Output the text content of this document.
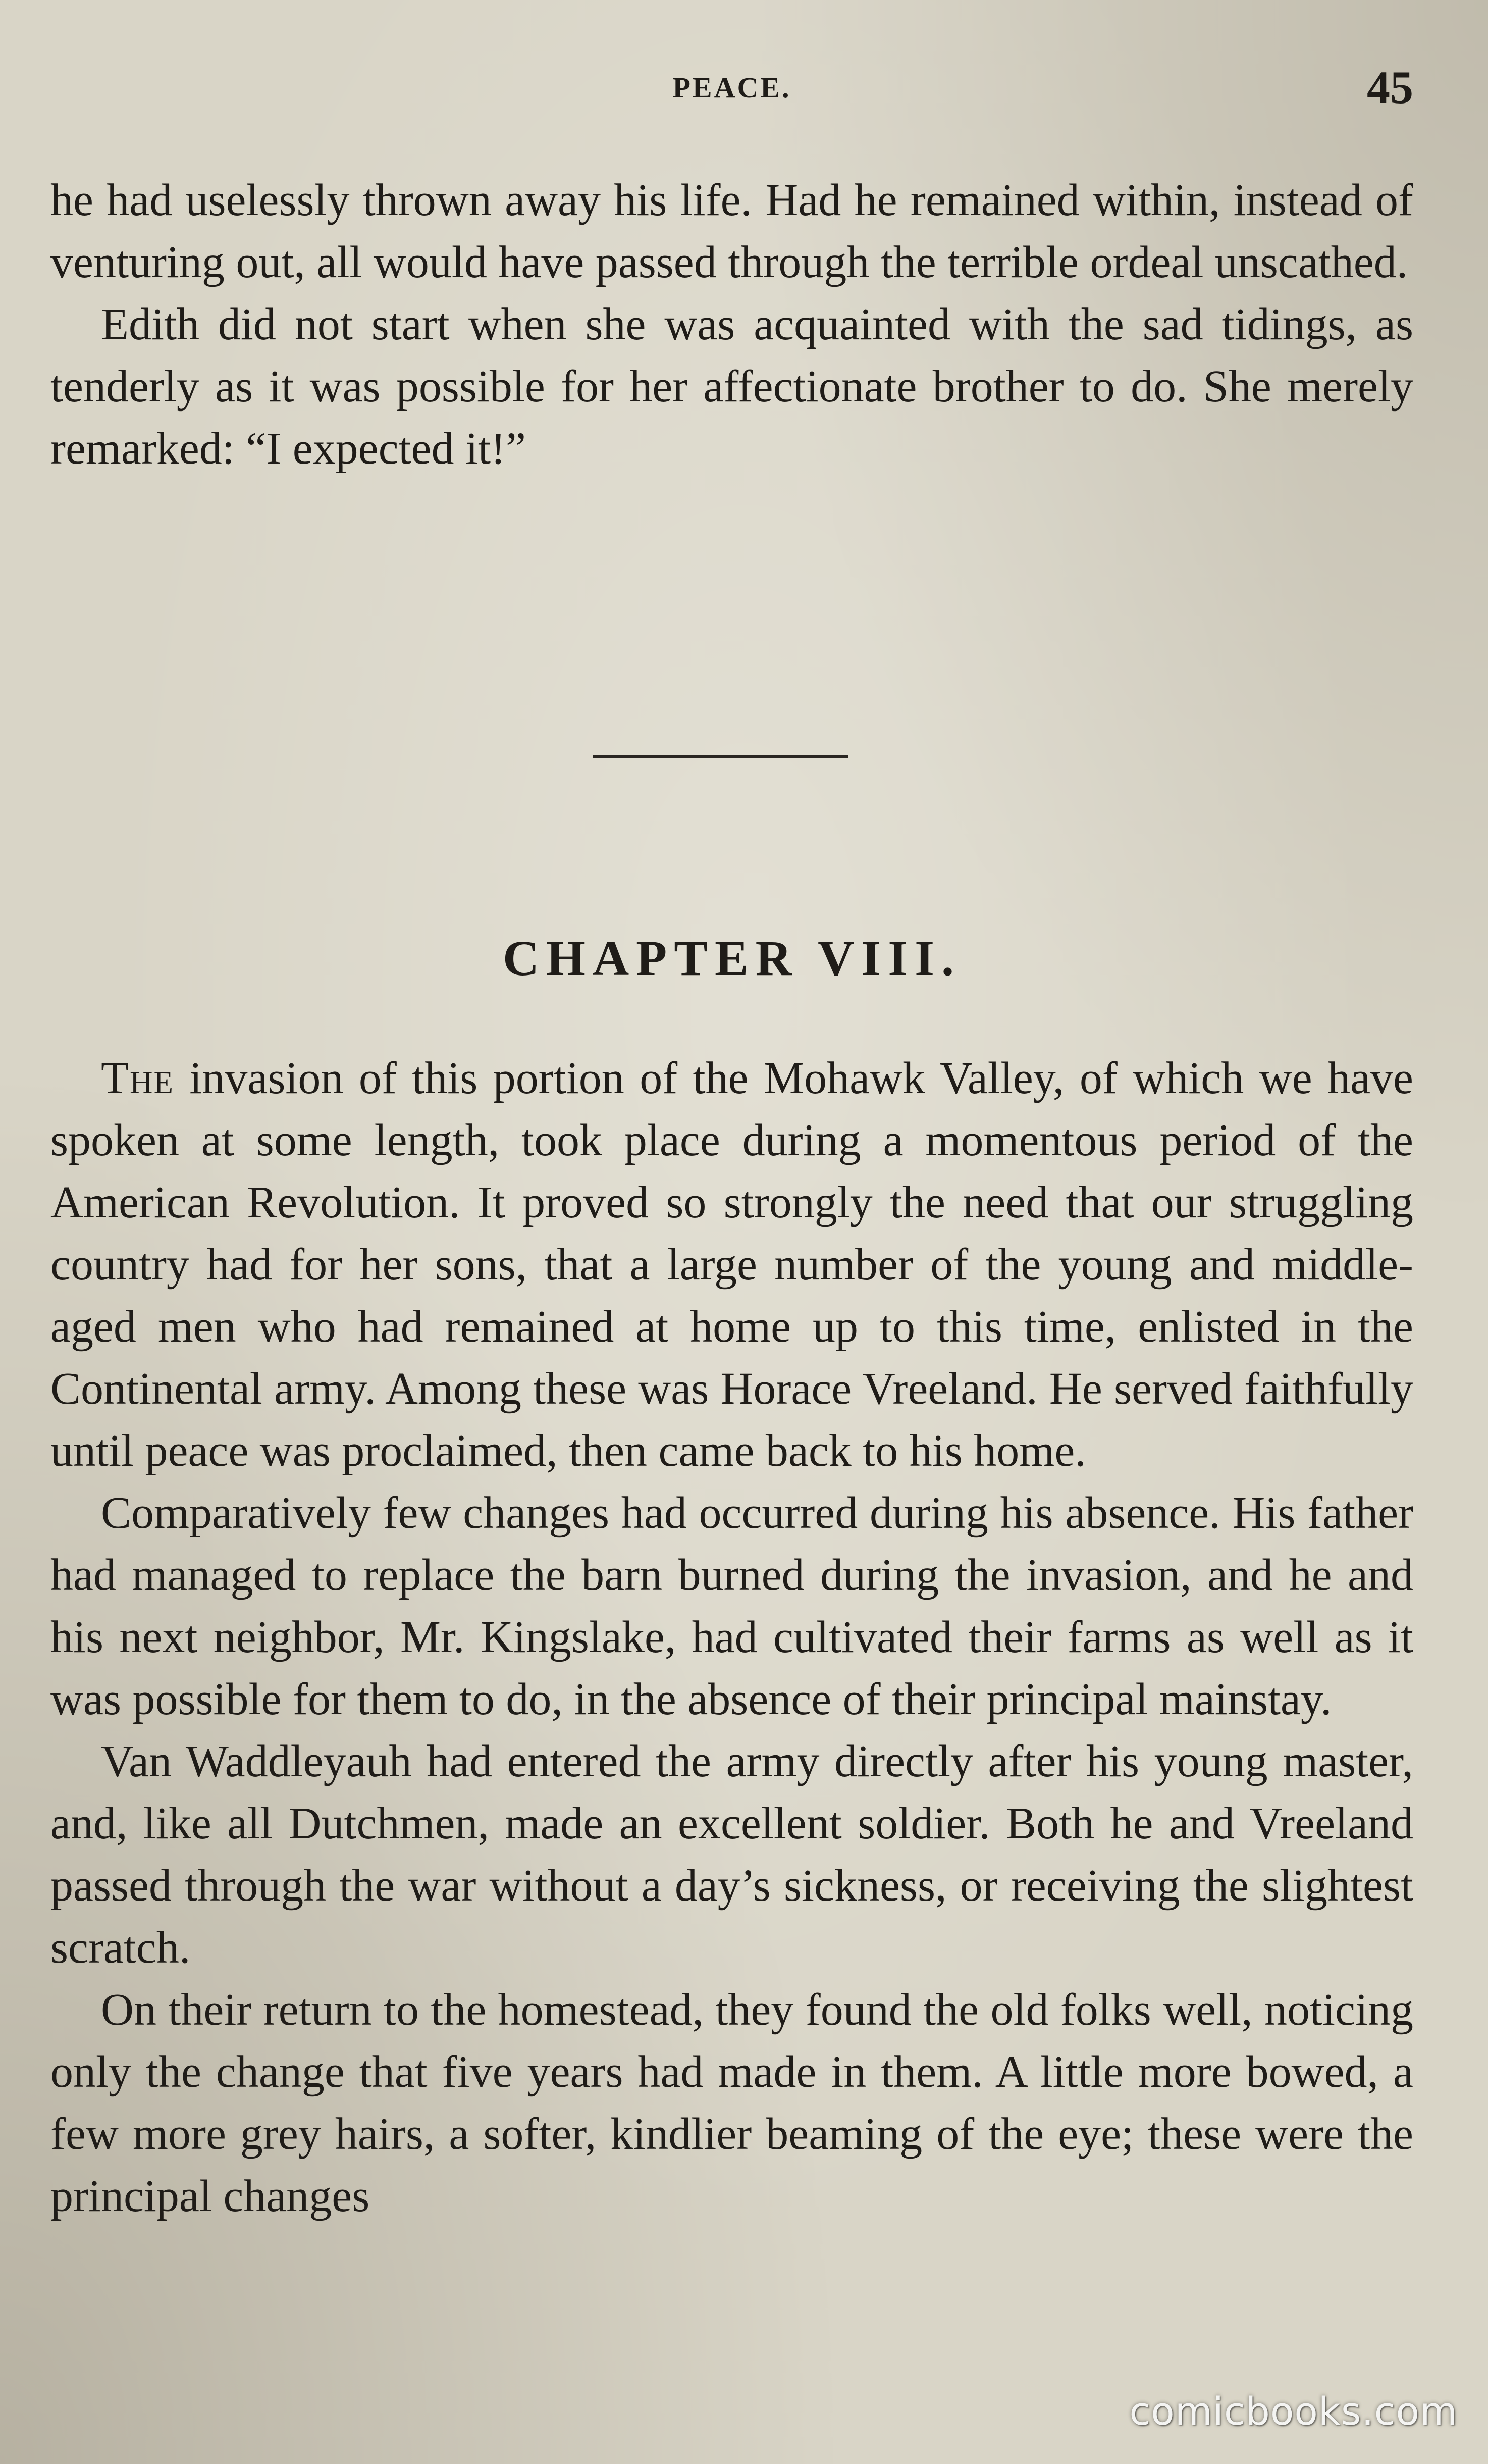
PEACE.	45

he had uselessly thrown away his life. Had he remained within, instead of venturing out, all would have passed through the terrible ordeal unscathed.

Edith did not start when she was acquainted with the sad tidings, as tenderly as it was possible for her affectionate brother to do. She merely remarked: “I expected it!”

CHAPTER VIII.

The invasion of this portion of the Mohawk Valley, of which we have spoken at some length, took place during a momentous period of the American Revolution. It proved so strongly the need that our struggling country had for her sons, that a large number of the young and middle-aged men who had remained at home up to this time, enlisted in the Continental army. Among these was Horace Vreeland. He served faithfully until peace was proclaimed, then came back to his home.

Comparatively few changes had occurred during his absence. His father had managed to replace the barn burned during the invasion, and he and his next neighbor, Mr. Kingslake, had cultivated their farms as well as it was possible for them to do, in the absence of their principal mainstay.

Van Waddleyauh had entered the army directly after his young master, and, like all Dutchmen, made an excellent soldier. Both he and Vreeland passed through the war without a day’s sickness, or receiving the slightest scratch.

On their return to the homestead, they found the old folks well, noticing only the change that five years had made in them. A little more bowed, a few more grey hairs, a softer, kindlier beaming of the eye; these were the principal changes

comicbooks.com
